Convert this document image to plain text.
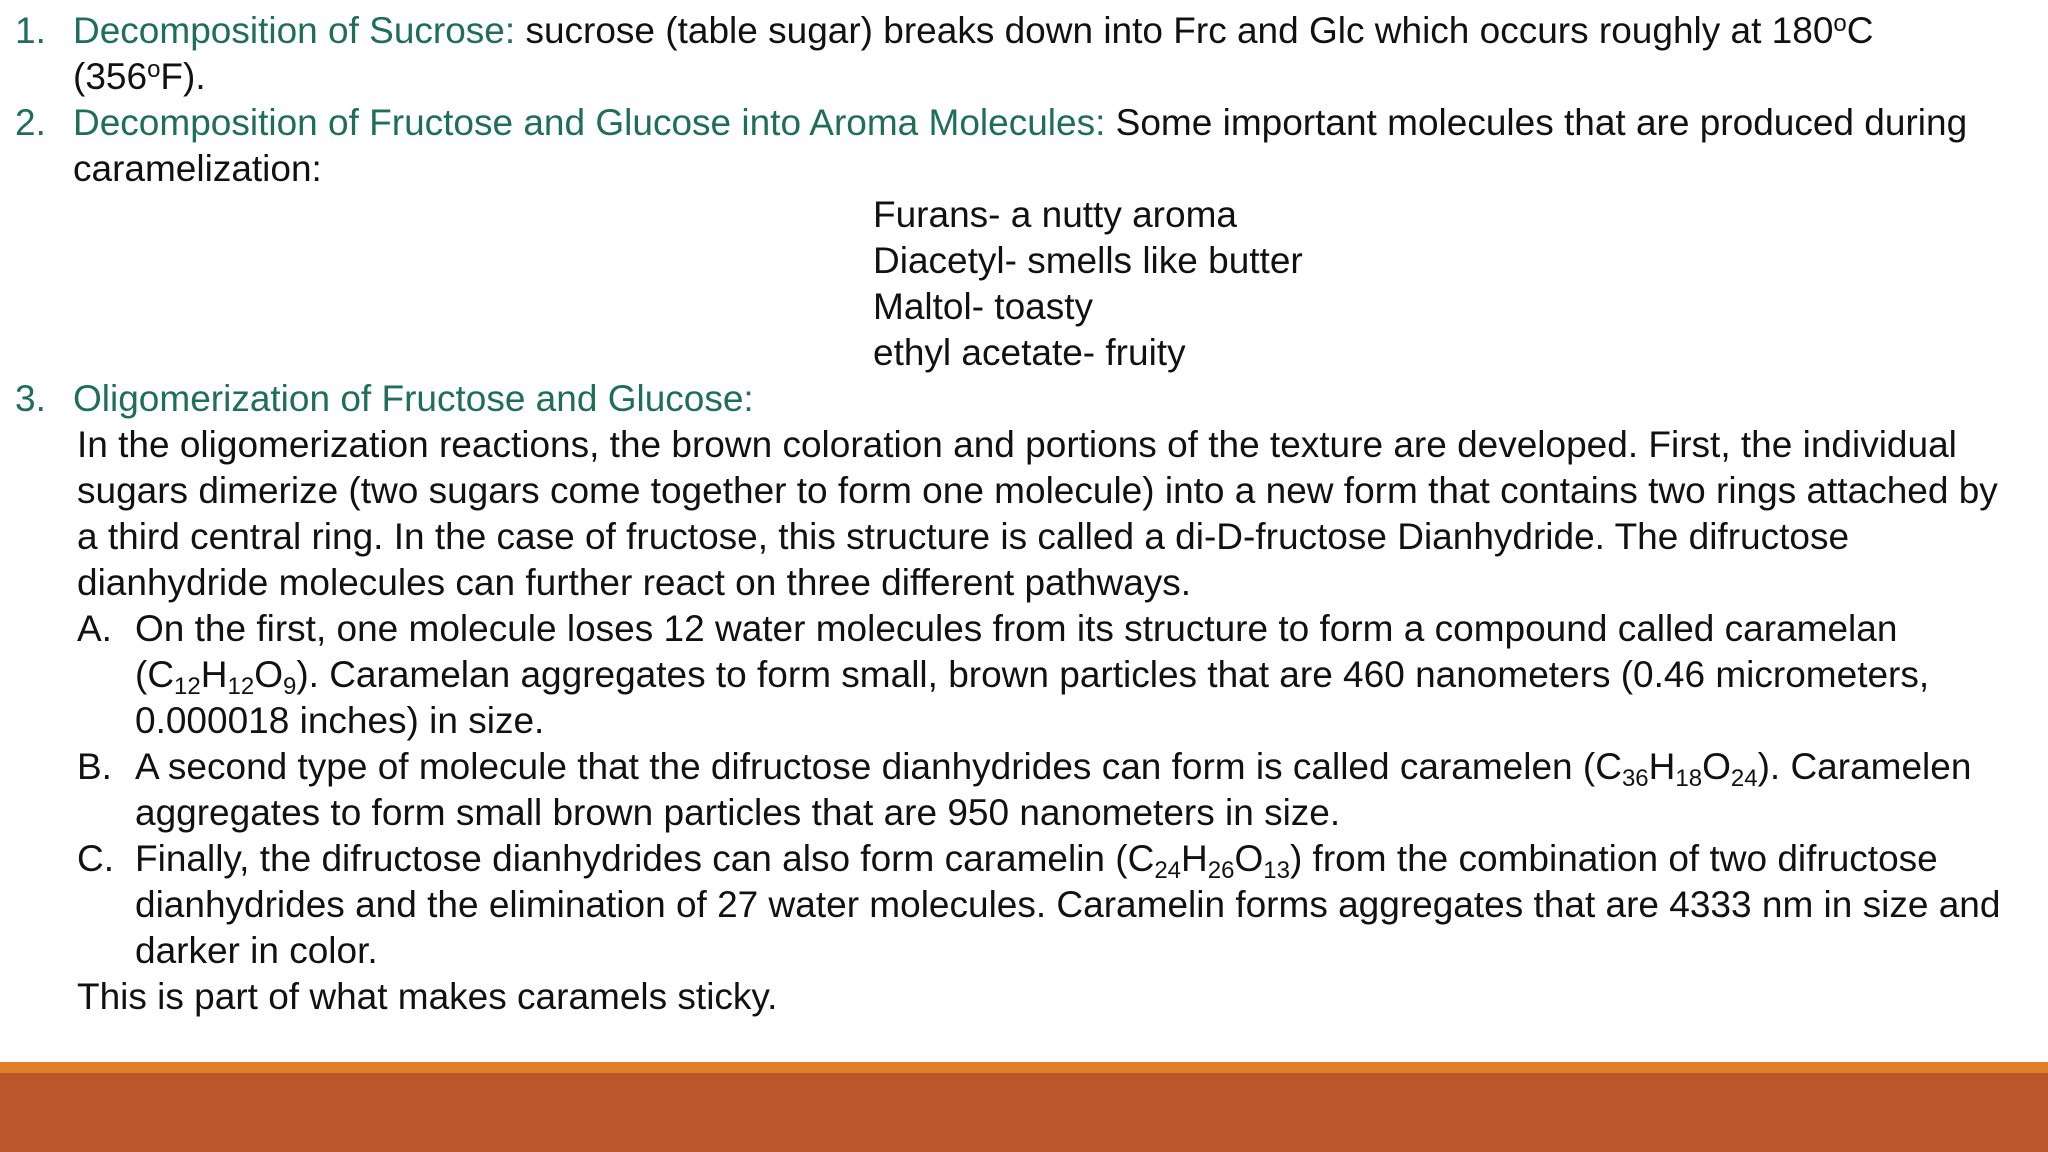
1. Decomposition of Sucrose: sucrose (table sugar) breaks down into Frc and Glc which occurs roughly at 180$^o$C (356$^o$F).
2. Decomposition of Fructose and Glucose into Aroma Molecules: Some important molecules that are produced during caramelization:
Furans- a nutty aroma
Diacetyl- smells like butter
Maltol- toasty
ethyl acetate- fruity
3. Oligomerization of Fructose and Glucose:
In the oligomerization reactions, the brown coloration and portions of the texture are developed. First, the individual sugars dimerize (two sugars come together to form one molecule) into a new form that contains two rings attached by a third central ring. In the case of fructose, this structure is called a di-D-fructose Dianhydride. The difructose dianhydride molecules can further react on three different pathways.
A. On the first, one molecule loses 12 water molecules from its structure to form a compound called caramelan $(C_{12}H_{12}O_9)$. Caramelan aggregates to form small, brown particles that are 460 nanometers (0.46 micrometers, 0.000018 inches) in size.
B. A second type of molecule that the difructose dianhydrides can form is called caramelen $(C_{36}H_{18}O_{24})$. Caramelen aggregates to form small brown particles that are 950 nanometers in size.
C. Finally, the difructose dianhydrides can also form caramelin $(C_{24}H_{26}O_{13})$ from the combination of two difructose dianhydrides and the elimination of 27 water molecules. Caramelin forms aggregates that are 4333 nm in size and darker in color.
This is part of what makes caramels sticky.
